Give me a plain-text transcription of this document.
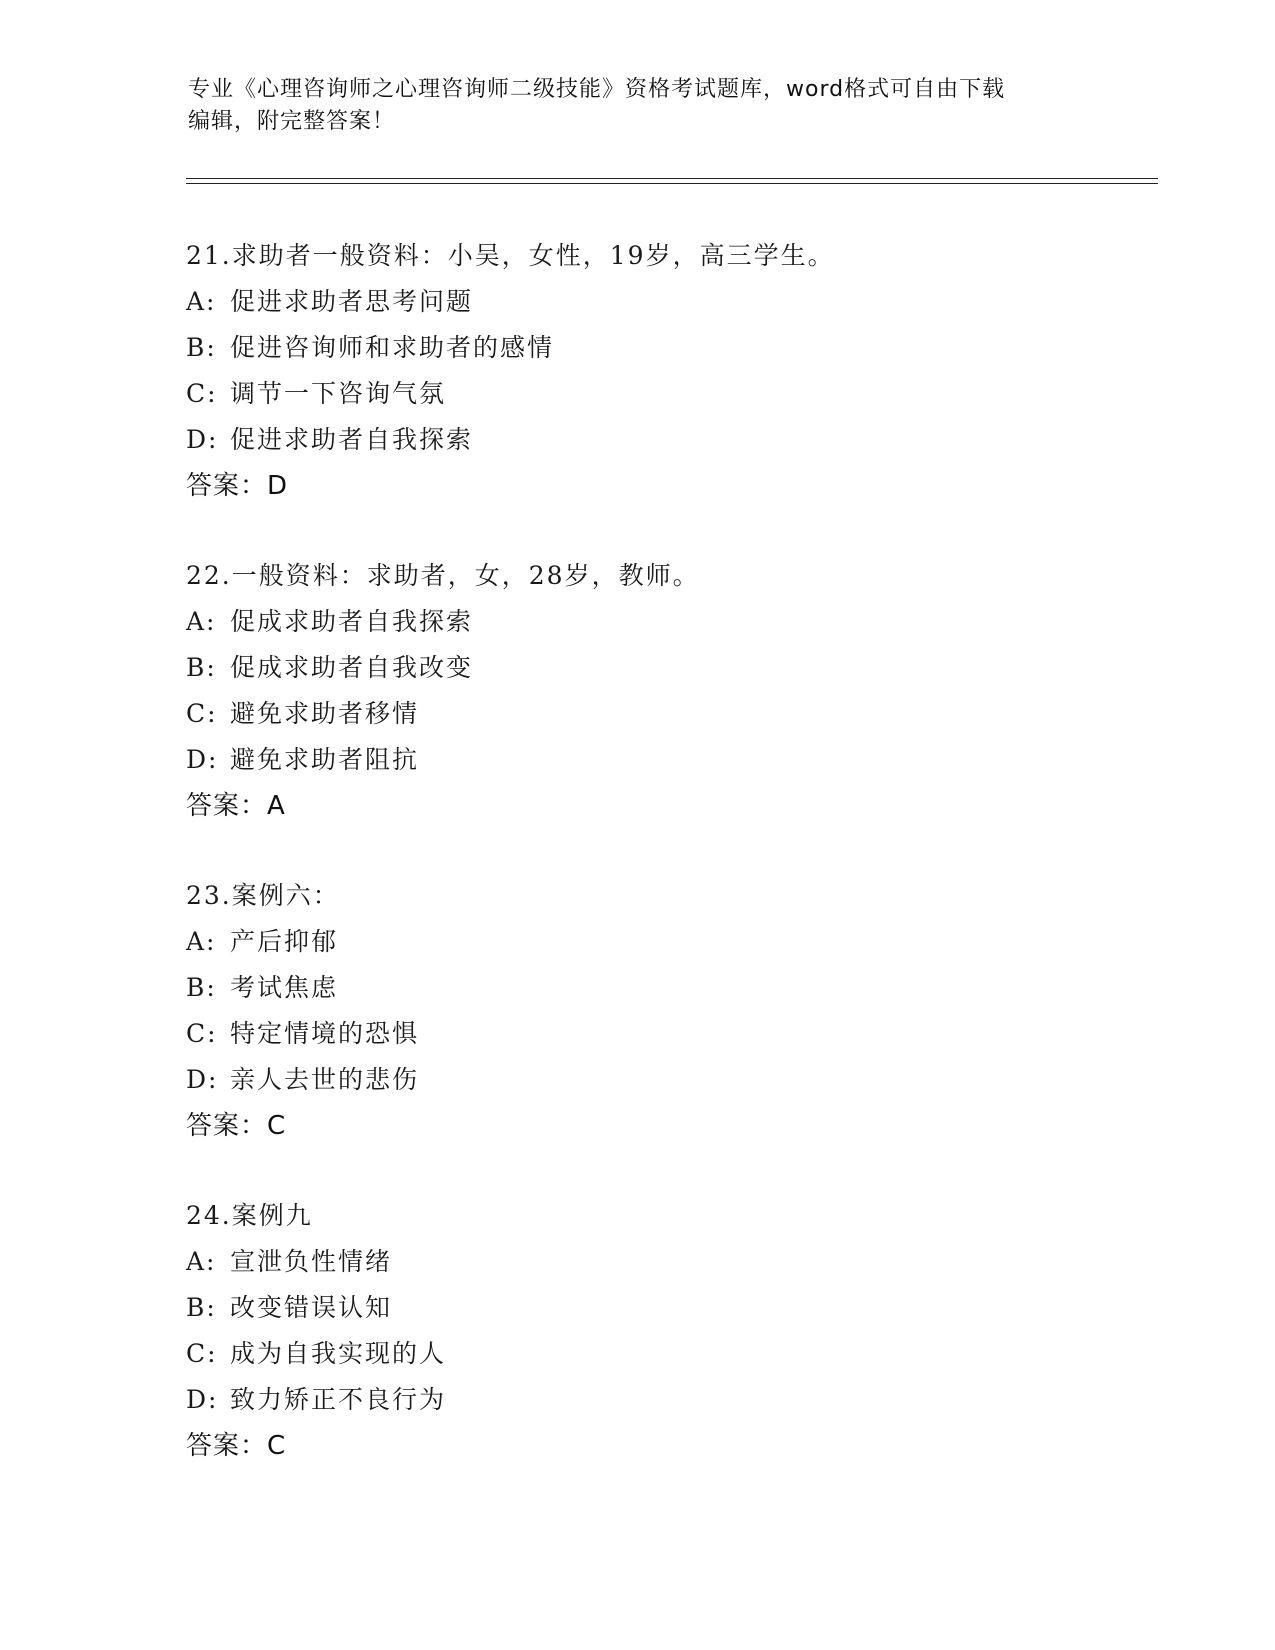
专业《心理咨询师之心理咨询师二级技能》资格考试题库，word格式可自由下载
编辑，附完整答案！
21.求助者一般资料：小吴，女性，19岁，高三学生。
A: 促进求助者思考问题
B: 促进咨询师和求助者的感情
C: 调节一下咨询气氛
D: 促进求助者自我探索
答案：D
22.一般资料：求助者，女，28岁，教师。
A: 促成求助者自我探索
B: 促成求助者自我改变
C: 避免求助者移情
D: 避免求助者阻抗
答案：A
23.案例六：
A: 产后抑郁
B: 考试焦虑
C: 特定情境的恐惧
D: 亲人去世的悲伤
答案：C
24.案例九
A: 宣泄负性情绪
B: 改变错误认知
C: 成为自我实现的人
D: 致力矫正不良行为
答案：C
